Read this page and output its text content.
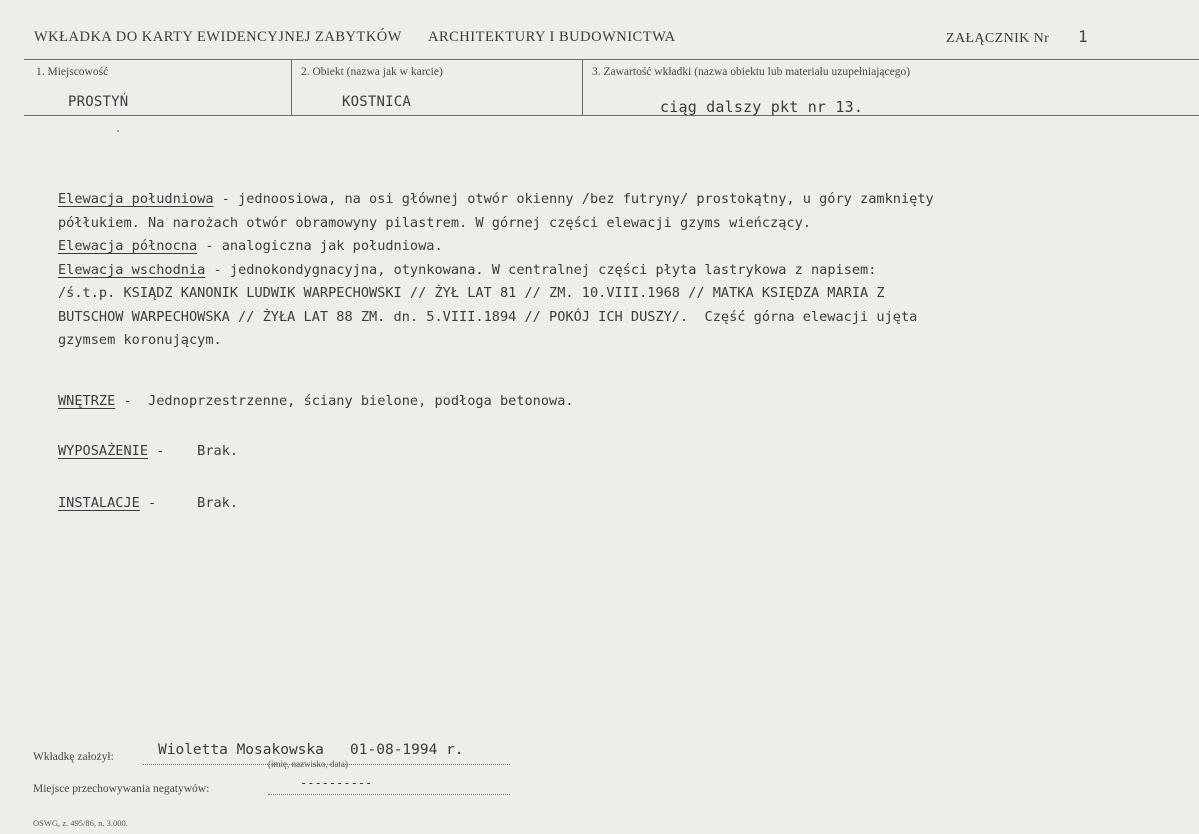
WKŁADKA DO KARTY EWIDENCYJNEJ ZABYTKÓW ARCHITEKTURY I BUDOWNICTWA	ZAŁĄCZNIK Nr 1
1. Miejscowość
PROSTYŃ
2. Obiekt (nazwa jak w karcie)
KOSTNICA
3. Zawartość wkładki (nazwa obiektu lub materiału uzupełniającego)
ciąg dalszy pkt nr 13.
Elewacja południowa - jednoosiowa, na osi głównej otwór okienny /bez futryny/ prostokątny, u góry zamknięty
półłukiem. Na narożach otwór obramowyny pilastrem. W górnej części elewacji gzyms wieńczący.
Elewacja północna - analogiczna jak południowa.
Elewacja wschodnia - jednokondygnacyjna, otynkowana. W centralnej części płyta lastrykowa z napisem:
/ś.t.p. KSIĄDZ KANONIK LUDWIK WARPECHOWSKI // ŻYŁ LAT 81 // ZM. 10.VIII.1968 // MATKA KSIĘDZA MARIA Z
BUTSCHOW WARPECHOWSKA // ŻYŁA LAT 88 ZM. dn. 5.VIII.1894 // POKÓJ ICH DUSZY/.  Część górna elewacji ujęta
gzymsem koronującym.
WNĘTRZE -  Jednoprzestrzenne, ściany bielone, podłoga betonowa.
WYPOSAŻENIE -    Brak.
INSTALACJE -     Brak.
Wkładkę założył:	Wioletta Mosakowska   01-08-1994 r.
(imię, nazwisko, data)
Miejsce przechowywania negatywów:	----------
OSWG, z. 495/86, n. 3.000.
